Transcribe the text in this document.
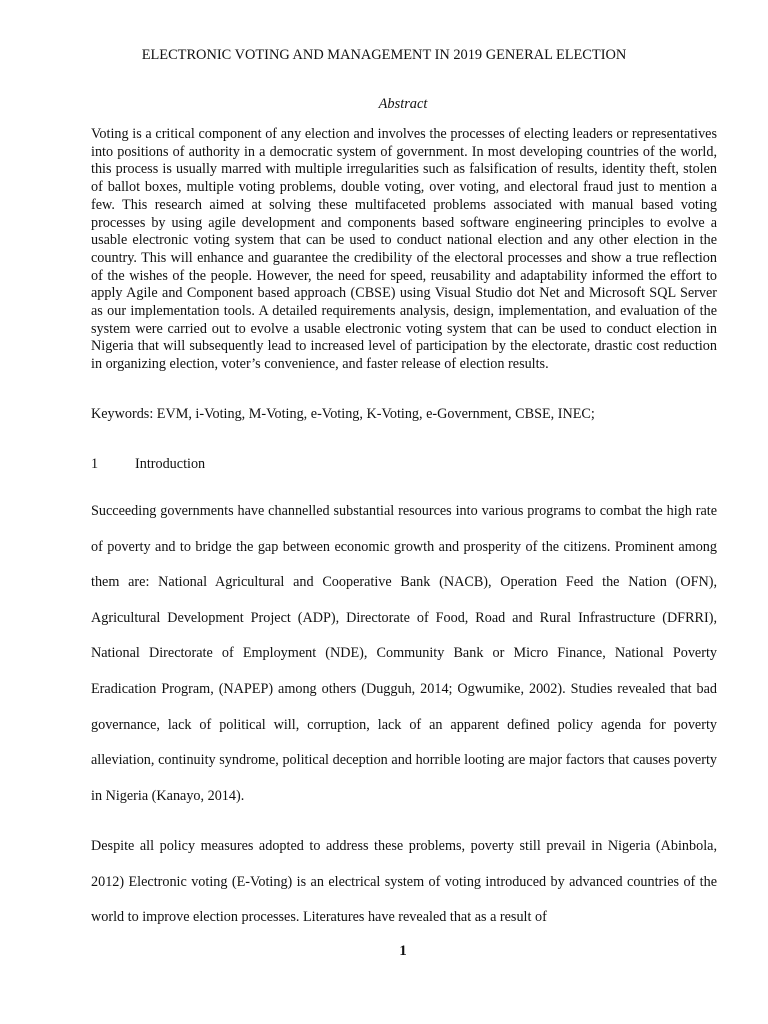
ELECTRONIC VOTING AND MANAGEMENT IN 2019 GENERAL ELECTION
Abstract

Voting is a critical component of any election and involves the processes of electing leaders or representatives into positions of authority in a democratic system of government. In most developing countries of the world, this process is usually marred with multiple irregularities such as falsification of results, identity theft, stolen of ballot boxes, multiple voting problems, double voting, over voting, and electoral fraud just to mention a few. This research aimed at solving these multifaceted problems associated with manual based voting processes by using agile development and components based software engineering principles to evolve a usable electronic voting system that can be used to conduct national election and any other election in the country. This will enhance and guarantee the credibility of the electoral processes and show a true reflection of the wishes of the people. However, the need for speed, reusability and adaptability informed the effort to apply Agile and Component based approach (CBSE) using Visual Studio dot Net and Microsoft SQL Server as our implementation tools. A detailed requirements analysis, design, implementation, and evaluation of the system were carried out to evolve a usable electronic voting system that can be used to conduct election in Nigeria that will subsequently lead to increased level of participation by the electorate, drastic cost reduction in organizing election, voter’s convenience, and faster release of election results.

Keywords: EVM, i-Voting, M-Voting, e-Voting, K-Voting, e-Government, CBSE, INEC;

1	Introduction

Succeeding governments have channelled substantial resources into various programs to combat the high rate of poverty and to bridge the gap between economic growth and prosperity of the citizens. Prominent among them are: National Agricultural and Cooperative Bank (NACB), Operation Feed the Nation (OFN), Agricultural Development Project (ADP), Directorate of Food, Road and Rural Infrastructure (DFRRI), National Directorate of Employment (NDE), Community Bank or Micro Finance, National Poverty Eradication Program, (NAPEP) among others (Dugguh, 2014; Ogwumike, 2002). Studies revealed that bad governance, lack of political will, corruption, lack of an apparent defined policy agenda for poverty alleviation, continuity syndrome, political deception and horrible looting are major factors that causes poverty in Nigeria (Kanayo, 2014).

Despite all policy measures adopted to address these problems, poverty still prevail in Nigeria (Abinbola, 2012) Electronic voting (E-Voting) is an electrical system of voting introduced by advanced countries of the world to improve election processes. Literatures have revealed that as a result of

1
